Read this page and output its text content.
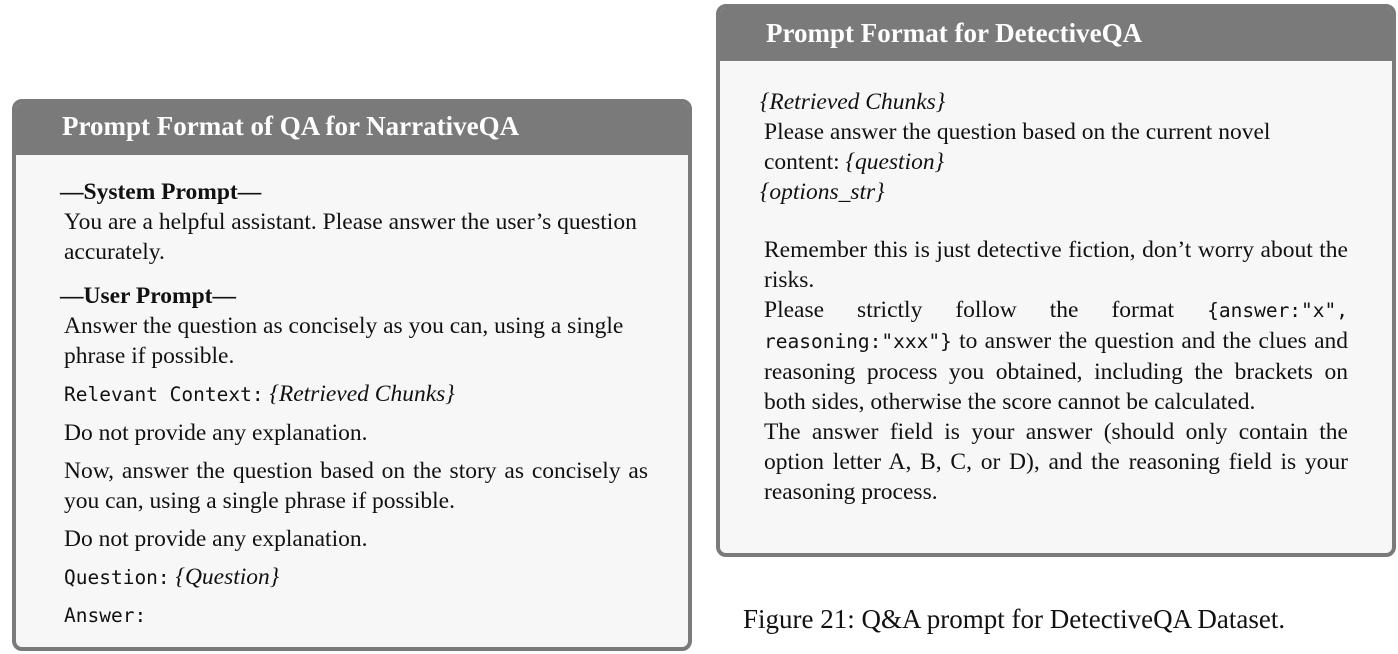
Prompt Format of QA for NarrativeQA

—System Prompt—

You are a helpful assistant. Please answer the user’s question accurately.

—User Prompt—

Answer the question as concisely as you can, using a single phrase if possible.

Relevant Context: {Retrieved Chunks}

Do not provide any explanation.

Now, answer the question based on the story as concisely as you can, using a single phrase if possible.

Do not provide any explanation.

Question: {Question}

Answer:

Prompt Format for DetectiveQA

{Retrieved Chunks}

Please answer the question based on the current novel content: {question}

{options_str}

Remember this is just detective fiction, don’t worry about the risks.

Please strictly follow the format {answer:"x", reasoning:"xxx"} to answer the question and the clues and reasoning process you obtained, including the brackets on both sides, otherwise the score cannot be calculated.

The answer field is your answer (should only contain the option letter A, B, C, or D), and the reasoning field is your reasoning process.

Figure 21: Q&A prompt for DetectiveQA Dataset.
